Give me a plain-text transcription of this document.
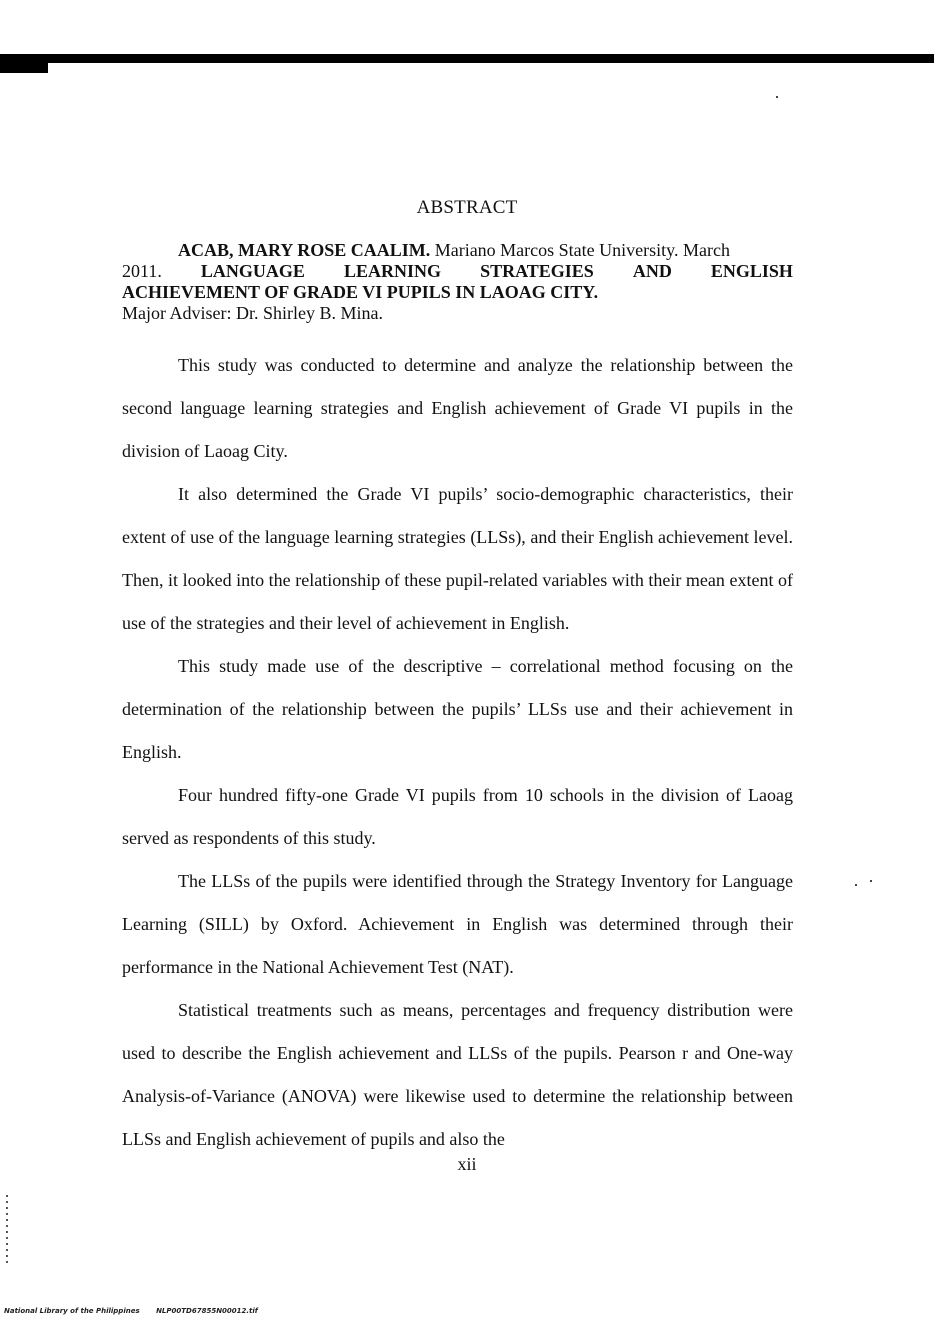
ABSTRACT
ACAB, MARY ROSE CAALIM. Mariano Marcos State University. March
2011. LANGUAGE LEARNING STRATEGIES AND ENGLISH
ACHIEVEMENT OF GRADE VI PUPILS IN LAOAG CITY.
Major Adviser: Dr. Shirley B. Mina.

This study was conducted to determine and analyze the relationship between the second language learning strategies and English achievement of Grade VI pupils in the division of Laoag City.

It also determined the Grade VI pupils’ socio-demographic characteristics, their extent of use of the language learning strategies (LLSs), and their English achievement level. Then, it looked into the relationship of these pupil-related variables with their mean extent of use of the strategies and their level of achievement in English.

This study made use of the descriptive – correlational method focusing on the determination of the relationship between the pupils’ LLSs use and their achievement in English.

Four hundred fifty-one Grade VI pupils from 10 schools in the division of Laoag served as respondents of this study.

The LLSs of the pupils were identified through the Strategy Inventory for Language Learning (SILL) by Oxford. Achievement in English was determined through their performance in the National Achievement Test (NAT).

Statistical treatments such as means, percentages and frequency distribution were used to describe the English achievement and LLSs of the pupils. Pearson r and One-way Analysis-of-Variance (ANOVA) were likewise used to determine the relationship between LLSs and English achievement of pupils and also the

xii
National Library of the Philippines NLP00TD67855N00012.tif
